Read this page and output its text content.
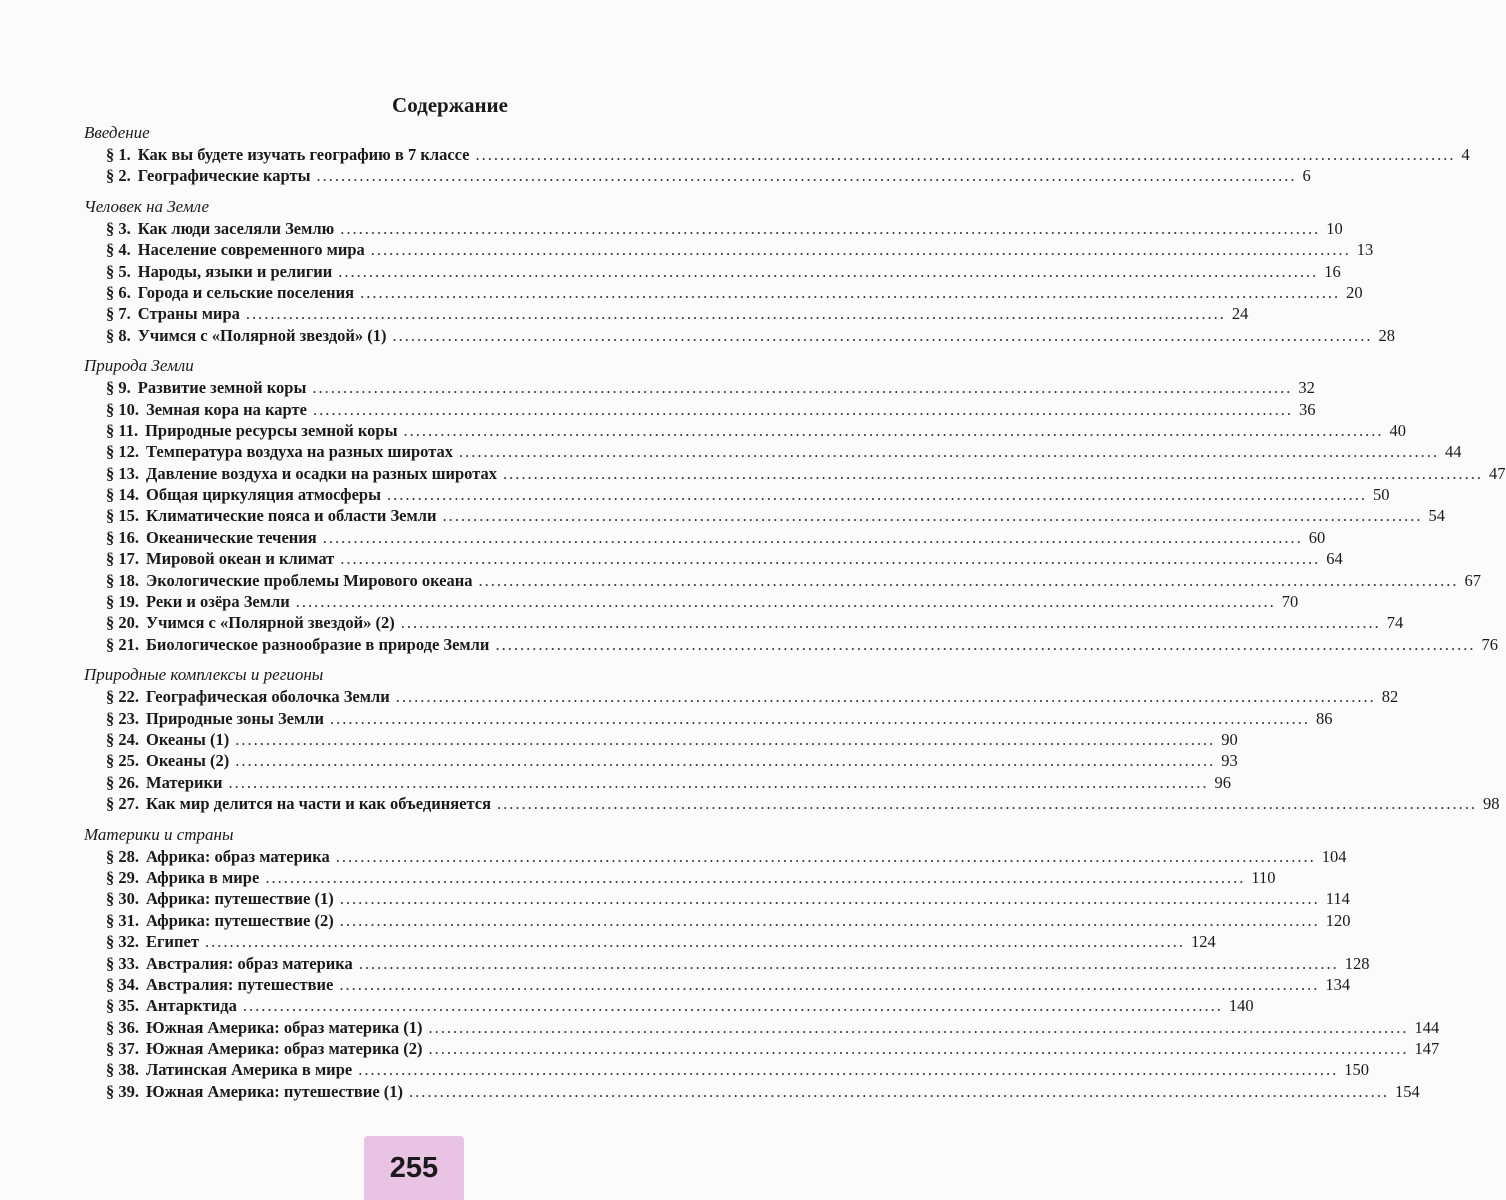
Содержание
Введение
§ 1. Как вы будете изучать географию в 7 классе ................................................................................................................................................................ 4
§ 2. Географические карты ................................................................................................................................................................ 6
Человек на Земле
§ 3. Как люди заселяли Землю ................................................................................................................................................................ 10
§ 4. Население современного мира ................................................................................................................................................................ 13
§ 5. Народы, языки и религии ................................................................................................................................................................ 16
§ 6. Города и сельские поселения ................................................................................................................................................................ 20
§ 7. Страны мира ................................................................................................................................................................ 24
§ 8. Учимся с «Полярной звездой» (1) ................................................................................................................................................................ 28
Природа Земли
§ 9. Развитие земной коры ................................................................................................................................................................ 32
§ 10. Земная кора на карте ................................................................................................................................................................ 36
§ 11. Природные ресурсы земной коры ................................................................................................................................................................ 40
§ 12. Температура воздуха на разных широтах ................................................................................................................................................................ 44
§ 13. Давление воздуха и осадки на разных широтах ................................................................................................................................................................ 47
§ 14. Общая циркуляция атмосферы ................................................................................................................................................................ 50
§ 15. Климатические пояса и области Земли ................................................................................................................................................................ 54
§ 16. Океанические течения ................................................................................................................................................................ 60
§ 17. Мировой океан и климат ................................................................................................................................................................ 64
§ 18. Экологические проблемы Мирового океана ................................................................................................................................................................ 67
§ 19. Реки и озёра Земли ................................................................................................................................................................ 70
§ 20. Учимся с «Полярной звездой» (2) ................................................................................................................................................................ 74
§ 21. Биологическое разнообразие в природе Земли ................................................................................................................................................................ 76
Природные комплексы и регионы
§ 22. Географическая оболочка Земли ................................................................................................................................................................ 82
§ 23. Природные зоны Земли ................................................................................................................................................................ 86
§ 24. Океаны (1) ................................................................................................................................................................ 90
§ 25. Океаны (2) ................................................................................................................................................................ 93
§ 26. Материки ................................................................................................................................................................ 96
§ 27. Как мир делится на части и как объединяется ................................................................................................................................................................ 98
Материки и страны
§ 28. Африка: образ материка ................................................................................................................................................................ 104
§ 29. Африка в мире ................................................................................................................................................................ 110
§ 30. Африка: путешествие (1) ................................................................................................................................................................ 114
§ 31. Африка: путешествие (2) ................................................................................................................................................................ 120
§ 32. Египет ................................................................................................................................................................ 124
§ 33. Австралия: образ материка ................................................................................................................................................................ 128
§ 34. Австралия: путешествие ................................................................................................................................................................ 134
§ 35. Антарктида ................................................................................................................................................................ 140
§ 36. Южная Америка: образ материка (1) ................................................................................................................................................................ 144
§ 37. Южная Америка: образ материка (2) ................................................................................................................................................................ 147
§ 38. Латинская Америка в мире ................................................................................................................................................................ 150
§ 39. Южная Америка: путешествие (1) ................................................................................................................................................................ 154
255
